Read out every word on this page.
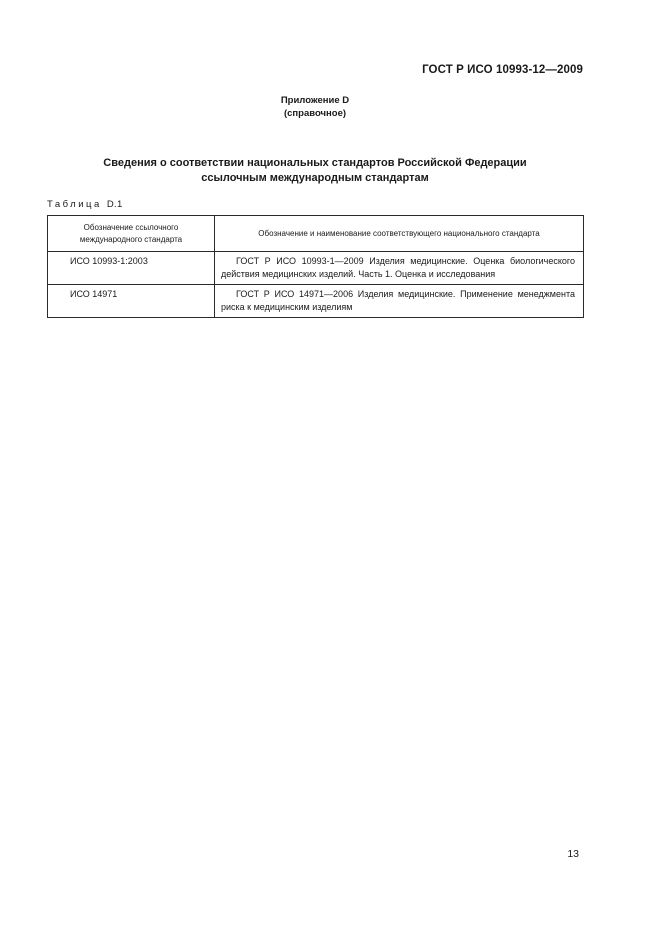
ГОСТ Р ИСО 10993-12—2009
Приложение D
(справочное)
Сведения о соответствии национальных стандартов Российской Федерации
ссылочным международным стандартам
Таблица D.1
Обозначение ссылочного
международного стандарта	Обозначение и наименование соответствующего национального стандарта
ИСО 10993-1:2003	ГОСТ Р ИСО 10993-1—2009 Изделия медицинские. Оценка биологического действия медицинских изделий. Часть 1. Оценка и исследования
ИСО 14971	ГОСТ Р ИСО 14971—2006 Изделия медицинские. Применение менеджмента риска к медицинским изделиям
13
